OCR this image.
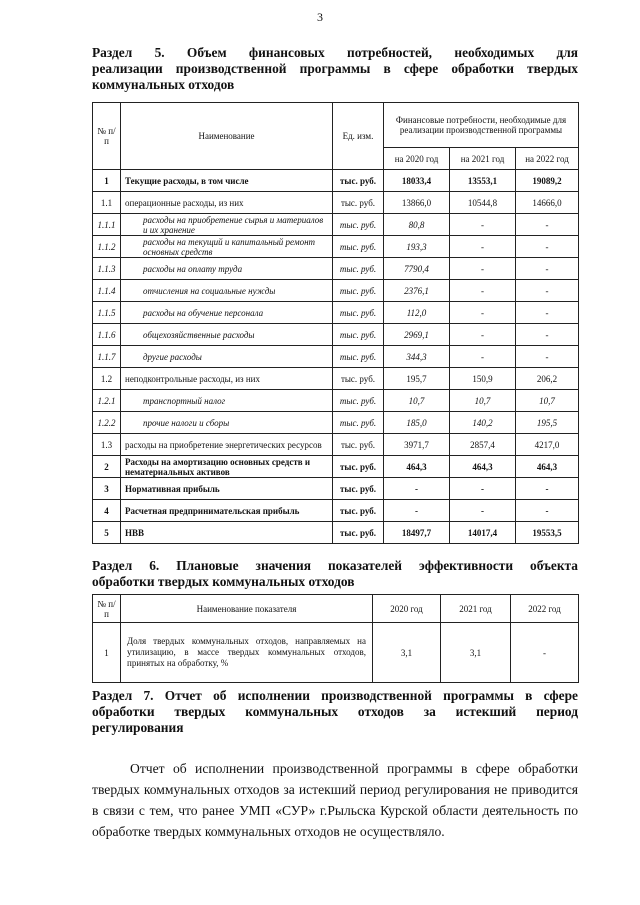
3
Раздел 5. Объем финансовых потребностей, необходимых для
реализации производственной программы в сфере обработки твердых
коммунальных отходов
№ п/п	Наименование	Ед. изм.	Финансовые потребности, необходимые для реализации производственной программы		
			на 2020 год	на 2021 год	на 2022 год
1	Текущие расходы, в том числе	тыс. руб.	18033,4	13553,1	19089,2
1.1	операционные расходы, из них	тыс. руб.	13866,0	10544,8	14666,0
1.1.1	расходы на приобретение сырья и материалов и их хранение	тыс. руб.	80,8	-	-
1.1.2	расходы на текущий и капитальный ремонт основных средств	тыс. руб.	193,3	-	-
1.1.3	расходы на оплату труда	тыс. руб.	7790,4	-	-
1.1.4	отчисления на социальные нужды	тыс. руб.	2376,1	-	-
1.1.5	расходы на обучение персонала	тыс. руб.	112,0	-	-
1.1.6	общехозяйственные расходы	тыс. руб.	2969,1	-	-
1.1.7	другие расходы	тыс. руб.	344,3	-	-
1.2	неподконтрольные расходы, из них	тыс. руб.	195,7	150,9	206,2
1.2.1	транспортный налог	тыс. руб.	10,7	10,7	10,7
1.2.2	прочие налоги и сборы	тыс. руб.	185,0	140,2	195,5
1.3	расходы на приобретение энергетических ресурсов	тыс. руб.	3971,7	2857,4	4217,0
2	Расходы на амортизацию основных средств и нематериальных активов	тыс. руб.	464,3	464,3	464,3
3	Нормативная прибыль	тыс. руб.	-	-	-
4	Расчетная предпринимательская прибыль	тыс. руб.	-	-	-
5	НВВ	тыс. руб.	18497,7	14017,4	19553,5
Раздел 6. Плановые значения показателей эффективности объекта
обработки твердых коммунальных отходов
№ п/п	Наименование показателя	2020 год	2021 год	2022 год
1	Доля твердых коммунальных отходов, направляемых на утилизацию, в массе твердых коммунальных отходов, принятых на обработку, %	3,1	3,1	-
Раздел 7. Отчет об исполнении производственной программы в сфере
обработки твердых коммунальных отходов за истекший период
регулирования
Отчет об исполнении производственной программы в сфере обработки твердых коммунальных отходов за истекший период регулирования не приводится в связи с тем, что ранее УМП «СУР» г.Рыльска Курской области деятельность по обработке твердых коммунальных отходов не осуществляло.
